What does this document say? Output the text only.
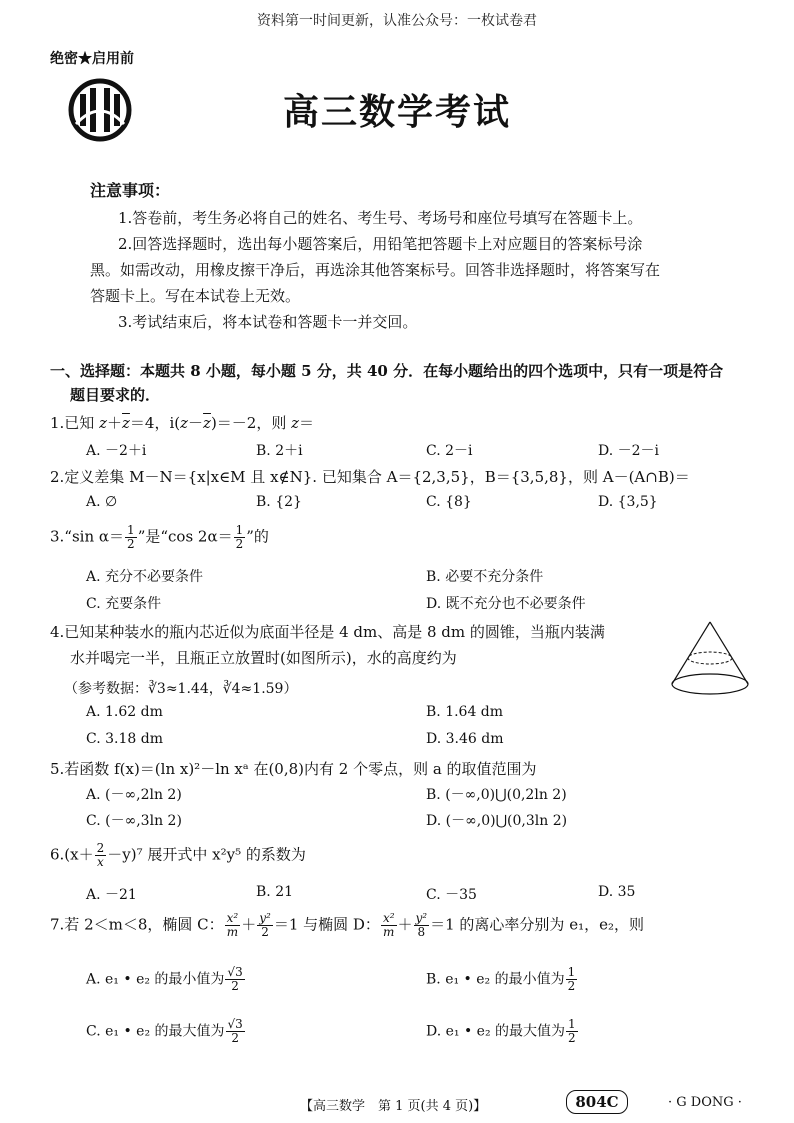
资料第一时间更新，认准公众号：一枚试卷君
绝密★启用前
高三数学考试
注意事项：
1.答卷前，考生务必将自己的姓名、考生号、考场号和座位号填写在答题卡上。
2.回答选择题时，选出每小题答案后，用铅笔把答题卡上对应题目的答案标号涂
黑。如需改动，用橡皮擦干净后，再选涂其他答案标号。回答非选择题时，将答案写在
答题卡上。写在本试卷上无效。
3.考试结束后，将本试卷和答题卡一并交回。
一、选择题：本题共 8 小题，每小题 5 分，共 40 分．在每小题给出的四个选项中，只有一项是符合
题目要求的．
1.已知 $z+\overline{z}=4$，$i(z-\overline{z})=-2$，则 z＝
A. －2＋i	B. 2＋i	C. 2－i	D. －2－i
2.定义差集 M－N＝{x|x∈M 且 x∉N}. 已知集合 A＝{2,3,5}，B＝{3,5,8}，则 A－(A∩B)＝
A. ∅	B. {2}	C. {8}	D. {3,5}
3.“sin $\alpha= \frac{1}{2}$ ”是“cos $2\alpha= \frac{1}{2}$ ”的
A. 充分不必要条件	B. 必要不充分条件
C. 充要条件	D. 既不充分也不必要条件
4.已知某种装水的瓶内芯近似为底面半径是 4 dm、高是 8 dm 的圆锥，当瓶内装满
水并喝完一半，且瓶正立放置时(如图所示)，水的高度约为
（参考数据：∛3≈1.44，∛4≈1.59）
A. 1.62 dm	B. 1.64 dm
C. 3.18 dm	D. 3.46 dm
5.若函数 f(x)＝(ln x)²－ln xᵃ 在(0,8)内有 2 个零点，则 a 的取值范围为
A. (－∞,2ln 2)	B. (－∞,0)⋃(0,2ln 2)
C. (－∞,3ln 2)	D. (－∞,0)⋃(0,3ln 2)
$6.(x+ \frac{2}{x} -y)^7$ 展开式中 x²y⁵ 的系数为
A. －21	B. 21	C. －35	D. 35
7.若 2＜m＜8，椭圆 C： $\frac{\text{x²}}{m} + \frac{\text{y²}}{2} =1$ 与椭圆 D： $\frac{\text{x²}}{m} + \frac{\text{y²}}{8} =1$ 的离心率分别为 e₁，e₂，则
A. e₁ • e₂ 的最小值为 $\frac{√3}{2}$	B. e₁ • e₂ 的最小值为 $\frac{1}{2}$
C. e₁ • e₂ 的最大值为 $\frac{√3}{2}$	D. e₁ • e₂ 的最大值为 $\frac{1}{2}$
【高三数学　第 1 页(共 4 页)】	804C	· G DONG ·
